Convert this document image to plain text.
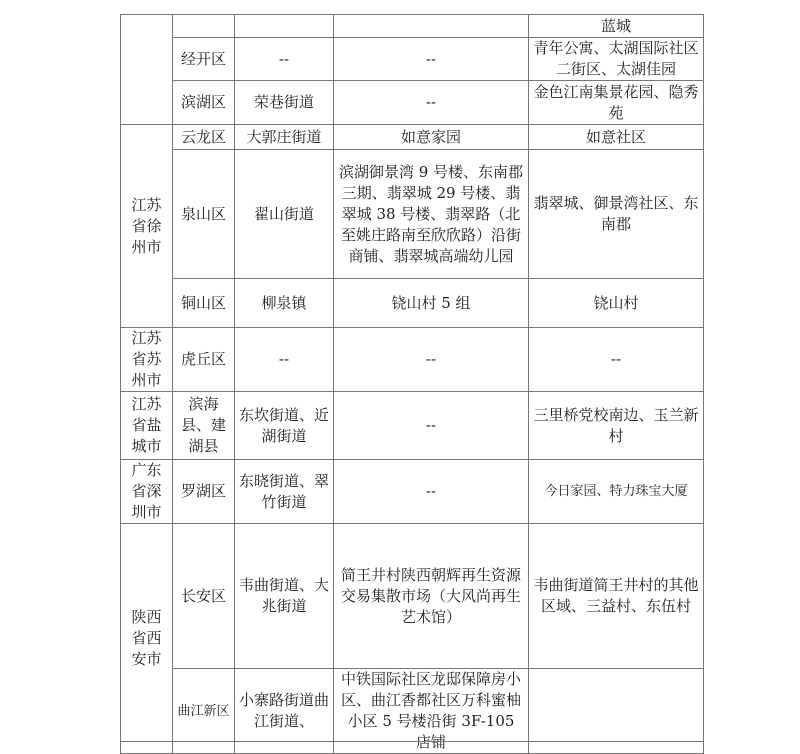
				蓝城
	经开区	--	--	青年公寓、太湖国际社区二街区、太湖佳园
	滨湖区	荣巷街道	--	金色江南集景花园、隐秀苑
江苏省徐州市	云龙区	大郭庄街道	如意家园	如意社区
	泉山区	翟山街道	滨湖御景湾 9 号楼、东南郡三期、翡翠城 29 号楼、翡翠城 38 号楼、翡翠路（北至姚庄路南至欣欣路）沿街商铺、翡翠城高端幼儿园	翡翠城、御景湾社区、东南郡
	铜山区	柳泉镇	铙山村 5 组	铙山村
江苏省苏州市	虎丘区	--	--	--
江苏省盐城市	滨海县、建湖县	东坎街道、近湖街道	--	三里桥党校南边、玉兰新村
广东省深圳市	罗湖区	东晓街道、翠竹街道	--	今日家园、特力珠宝大厦
陕西省西安市	长安区	韦曲街道、大兆街道	简王井村陕西朝辉再生资源交易集散市场（大风尚再生艺术馆）	韦曲街道简王井村的其他区域、三益村、东伍村
	曲江新区	小寨路街道曲江街道、	中铁国际社区龙邸保障房小区、曲江香都社区万科蜜柚小区 5 号楼沿街 3F-105 店铺	
